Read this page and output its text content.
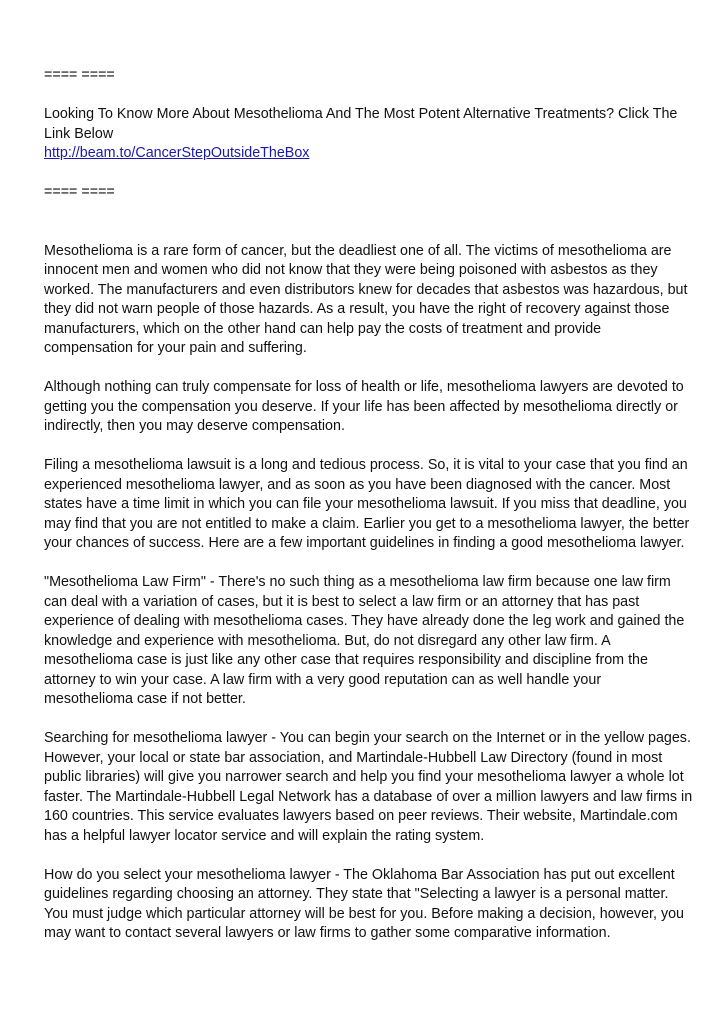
==== ====

Looking To Know More About Mesothelioma And The Most Potent Alternative Treatments? Click The Link Below

http://beam.to/CancerStepOutsideTheBox

==== ====

Mesothelioma is a rare form of cancer, but the deadliest one of all. The victims of mesothelioma are innocent men and women who did not know that they were being poisoned with asbestos as they worked. The manufacturers and even distributors knew for decades that asbestos was hazardous, but they did not warn people of those hazards. As a result, you have the right of recovery against those manufacturers, which on the other hand can help pay the costs of treatment and provide compensation for your pain and suffering.

Although nothing can truly compensate for loss of health or life, mesothelioma lawyers are devoted to getting you the compensation you deserve. If your life has been affected by mesothelioma directly or indirectly, then you may deserve compensation.

Filing a mesothelioma lawsuit is a long and tedious process. So, it is vital to your case that you find an experienced mesothelioma lawyer, and as soon as you have been diagnosed with the cancer. Most states have a time limit in which you can file your mesothelioma lawsuit. If you miss that deadline, you may find that you are not entitled to make a claim. Earlier you get to a mesothelioma lawyer, the better your chances of success. Here are a few important guidelines in finding a good mesothelioma lawyer.

"Mesothelioma Law Firm" - There's no such thing as a mesothelioma law firm because one law firm can deal with a variation of cases, but it is best to select a law firm or an attorney that has past experience of dealing with mesothelioma cases. They have already done the leg work and gained the knowledge and experience with mesothelioma. But, do not disregard any other law firm. A mesothelioma case is just like any other case that requires responsibility and discipline from the attorney to win your case. A law firm with a very good reputation can as well handle your mesothelioma case if not better.

Searching for mesothelioma lawyer - You can begin your search on the Internet or in the yellow pages. However, your local or state bar association, and Martindale-Hubbell Law Directory (found in most public libraries) will give you narrower search and help you find your mesothelioma lawyer a whole lot faster. The Martindale-Hubbell Legal Network has a database of over a million lawyers and law firms in 160 countries. This service evaluates lawyers based on peer reviews. Their website, Martindale.com has a helpful lawyer locator service and will explain the rating system.

How do you select your mesothelioma lawyer - The Oklahoma Bar Association has put out excellent guidelines regarding choosing an attorney. They state that "Selecting a lawyer is a personal matter. You must judge which particular attorney will be best for you. Before making a decision, however, you may want to contact several lawyers or law firms to gather some comparative information.
